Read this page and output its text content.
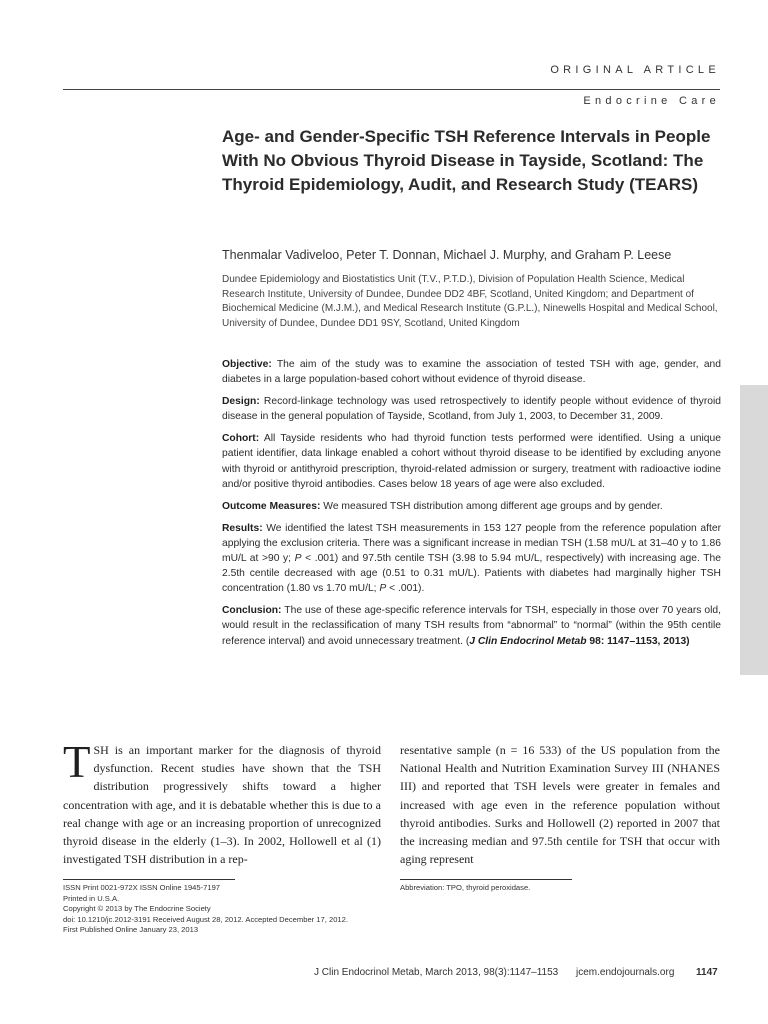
ORIGINAL ARTICLE
Endocrine Care
Age- and Gender-Specific TSH Reference Intervals in People With No Obvious Thyroid Disease in Tayside, Scotland: The Thyroid Epidemiology, Audit, and Research Study (TEARS)
Thenmalar Vadiveloo, Peter T. Donnan, Michael J. Murphy, and Graham P. Leese
Dundee Epidemiology and Biostatistics Unit (T.V., P.T.D.), Division of Population Health Science, Medical Research Institute, University of Dundee, Dundee DD2 4BF, Scotland, United Kingdom; and Department of Biochemical Medicine (M.J.M.), and Medical Research Institute (G.P.L.), Ninewells Hospital and Medical School, University of Dundee, Dundee DD1 9SY, Scotland, United Kingdom

Objective: The aim of the study was to examine the association of tested TSH with age, gender, and diabetes in a large population-based cohort without evidence of thyroid disease.

Design: Record-linkage technology was used retrospectively to identify people without evidence of thyroid disease in the general population of Tayside, Scotland, from July 1, 2003, to December 31, 2009.

Cohort: All Tayside residents who had thyroid function tests performed were identified. Using a unique patient identifier, data linkage enabled a cohort without thyroid disease to be identified by excluding anyone with thyroid or antithyroid prescription, thyroid-related admission or surgery, treatment with radioactive iodine and/or positive thyroid antibodies. Cases below 18 years of age were also excluded.

Outcome Measures: We measured TSH distribution among different age groups and by gender.

Results: We identified the latest TSH measurements in 153 127 people from the reference population after applying the exclusion criteria. There was a significant increase in median TSH (1.58 mU/L at 31–40 y to 1.86 mU/L at >90 y; P < .001) and 97.5th centile TSH (3.98 to 5.94 mU/L, respectively) with increasing age. The 2.5th centile decreased with age (0.51 to 0.31 mU/L). Patients with diabetes had marginally higher TSH concentration (1.80 vs 1.70 mU/L; P < .001).

Conclusion: The use of these age-specific reference intervals for TSH, especially in those over 70 years old, would result in the reclassification of many TSH results from “abnormal” to “normal” (within the 95th centile reference interval) and avoid unnecessary treatment. (J Clin Endocrinol Metab 98: 1147–1153, 2013)

TSH is an important marker for the diagnosis of thyroid dysfunction. Recent studies have shown that the TSH distribution progressively shifts toward a higher concentration with age, and it is debatable whether this is due to a real change with age or an increasing proportion of unrecognized thyroid disease in the elderly (1–3). In 2002, Hollowell et al (1) investigated TSH distribution in a rep-
resentative sample (n = 16 533) of the US population from the National Health and Nutrition Examination Survey III (NHANES III) and reported that TSH levels were greater in females and increased with age even in the reference population without thyroid antibodies. Surks and Hollowell (2) reported in 2007 that the increasing median and 97.5th centile for TSH that occur with aging represent
ISSN Print 0021-972X ISSN Online 1945-7197
Printed in U.S.A.
Copyright © 2013 by The Endocrine Society
doi: 10.1210/jc.2012-3191 Received August 28, 2012. Accepted December 17, 2012.
First Published Online January 23, 2013
Abbreviation: TPO, thyroid peroxidase.
J Clin Endocrinol Metab, March 2013, 98(3):1147–1153 jcem.endojournals.org 1147
